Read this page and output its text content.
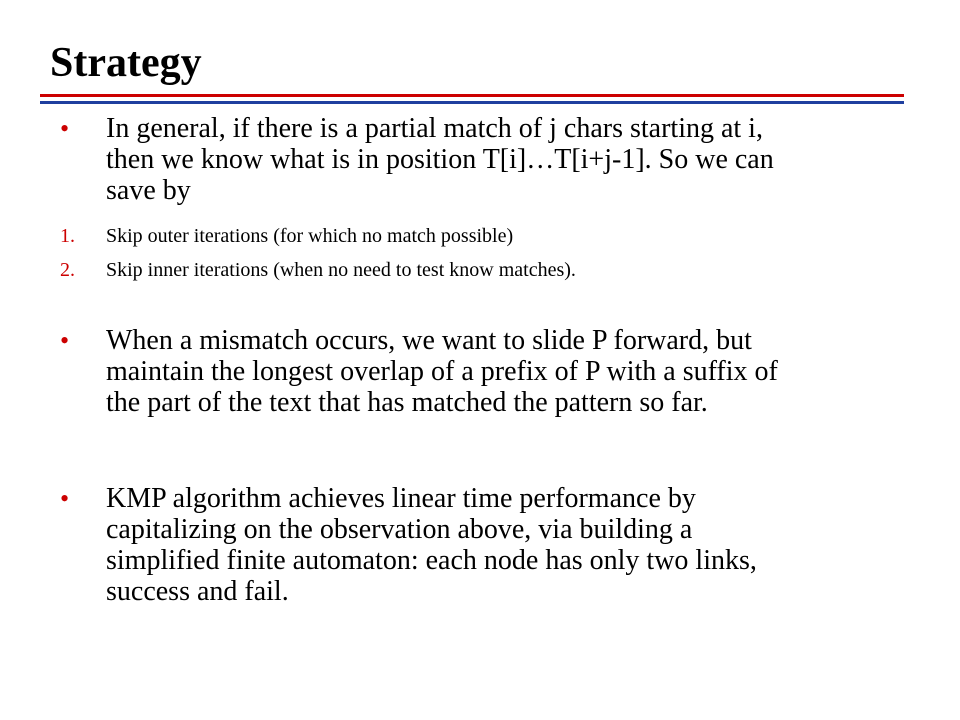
Strategy
• In general, if there is a partial match of j chars starting at i,
then we know what is in position T[i]…T[i+j-1]. So we can
save by
1. Skip outer iterations (for which no match possible)
2. Skip inner iterations (when no need to test know matches).
• When a mismatch occurs, we want to slide P forward, but
maintain the longest overlap of a prefix of P with a suffix of
the part of the text that has matched the pattern so far.
• KMP algorithm achieves linear time performance by
capitalizing on the observation above, via building a
simplified finite automaton: each node has only two links,
success and fail.
